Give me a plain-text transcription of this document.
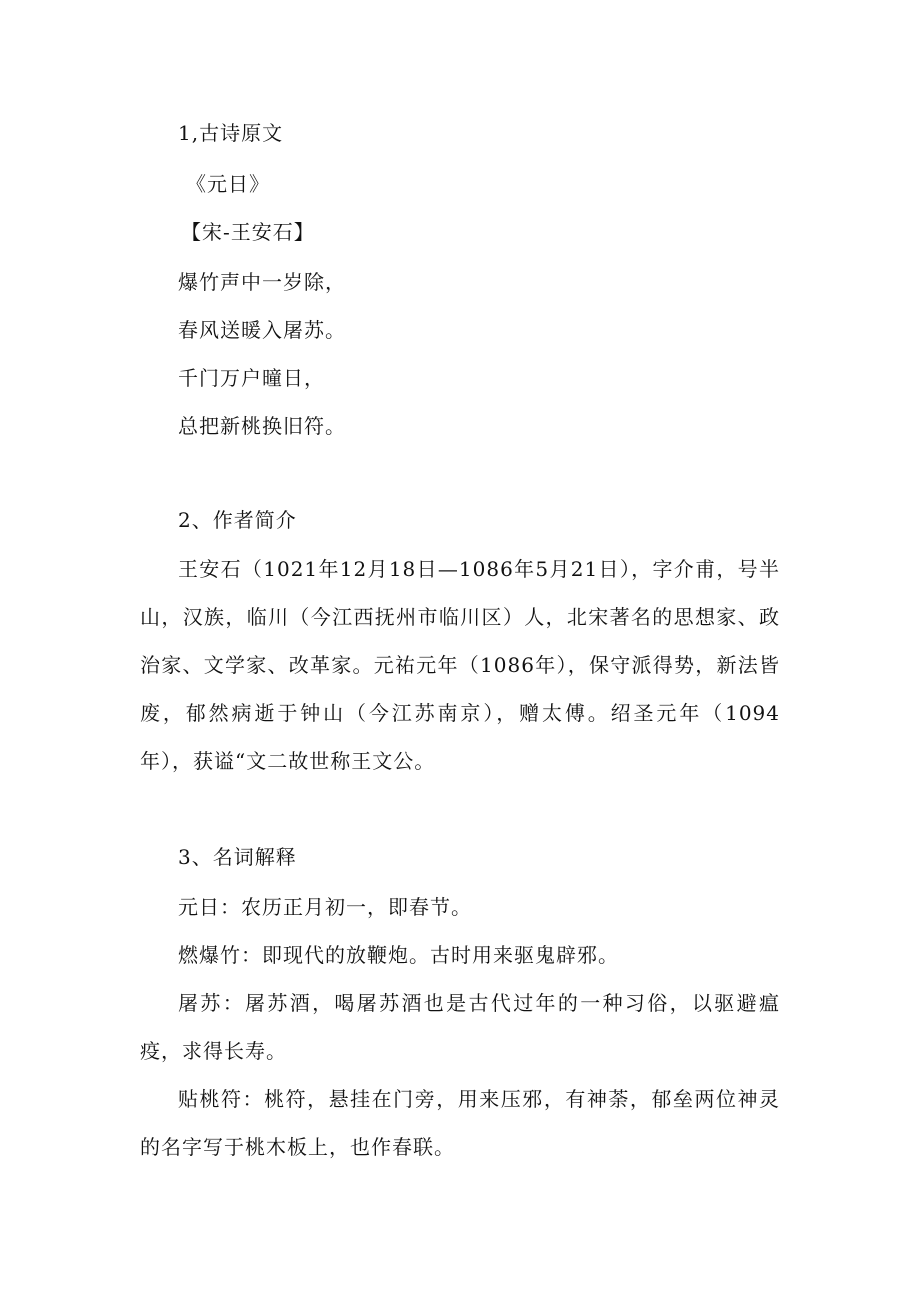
1,古诗原文
《元日》
【宋-王安石】
爆竹声中一岁除，
春风送暖入屠苏。
千门万户曈日，
总把新桃换旧符。
2、作者简介
王安石（1021年12月18日—1086年5月21日），字介甫，号半山，汉族，临川（今江西抚州市临川区）人，北宋著名的思想家、政治家、文学家、改革家。元祐元年（1086年），保守派得势，新法皆废，郁然病逝于钟山（今江苏南京），赠太傅。绍圣元年（1094年），获谥“文二故世称王文公。
3、名词解释
元日：农历正月初一，即春节。
燃爆竹：即现代的放鞭炮。古时用来驱鬼辟邪。
屠苏：屠苏酒，喝屠苏酒也是古代过年的一种习俗，以驱避瘟疫，求得长寿。
贴桃符：桃符，悬挂在门旁，用来压邪，有神荼，郁垒两位神灵的名字写于桃木板上，也作春联。
